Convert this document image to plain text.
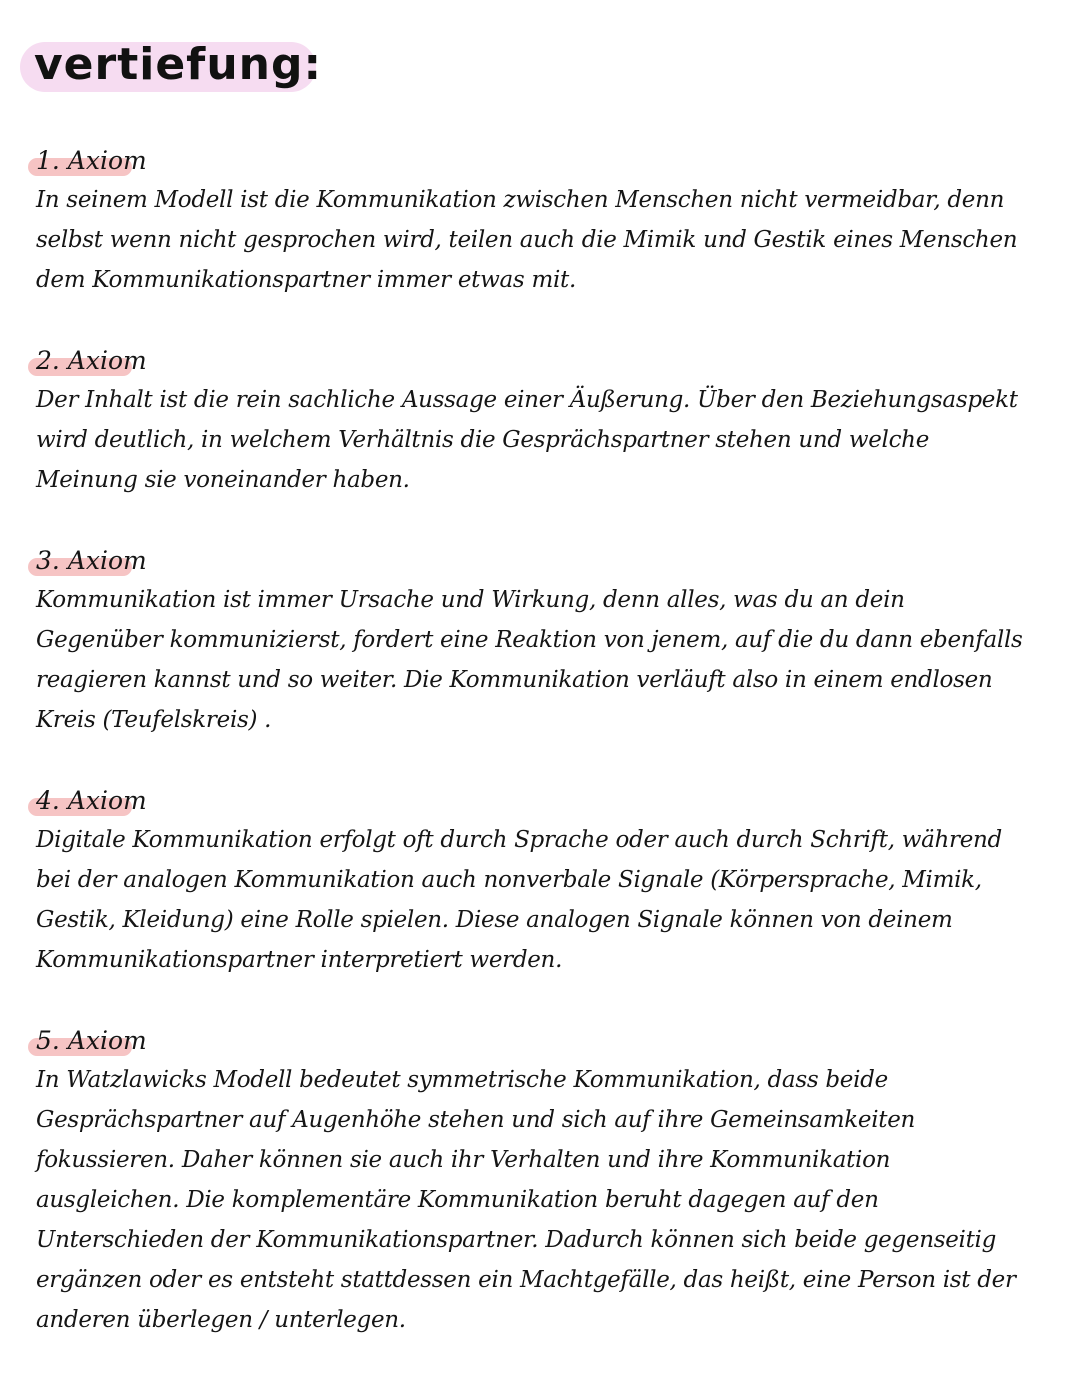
vertiefung:
1. Axiom

In seinem Modell ist die Kommunikation zwischen Menschen nicht vermeidbar, denn selbst wenn nicht gesprochen wird, teilen auch die Mimik und Gestik eines Menschen dem Kommunikationspartner immer etwas mit.

2. Axiom

Der Inhalt ist die rein sachliche Aussage einer Äußerung. Über den Beziehungsaspekt wird deutlich, in welchem Verhältnis die Gesprächspartner stehen und welche Meinung sie voneinander haben.

3. Axiom

Kommunikation ist immer Ursache und Wirkung, denn alles, was du an dein Gegenüber kommunizierst, fordert eine Reaktion von jenem, auf die du dann ebenfalls reagieren kannst und so weiter. Die Kommunikation verläuft also in einem endlosen Kreis (Teufelskreis) .

4. Axiom

Digitale Kommunikation erfolgt oft durch Sprache oder auch durch Schrift, während bei der analogen Kommunikation auch nonverbale Signale (Körpersprache, Mimik, Gestik, Kleidung) eine Rolle spielen. Diese analogen Signale können von deinem Kommunikationspartner interpretiert werden.

5. Axiom

In Watzlawicks Modell bedeutet symmetrische Kommunikation, dass beide Gesprächspartner auf Augenhöhe stehen und sich auf ihre Gemeinsamkeiten fokussieren. Daher können sie auch ihr Verhalten und ihre Kommunikation ausgleichen. Die komplementäre Kommunikation beruht dagegen auf den Unterschieden der Kommunikationspartner. Dadurch können sich beide gegenseitig ergänzen oder es entsteht stattdessen ein Machtgefälle, das heißt, eine Person ist der anderen überlegen / unterlegen.
